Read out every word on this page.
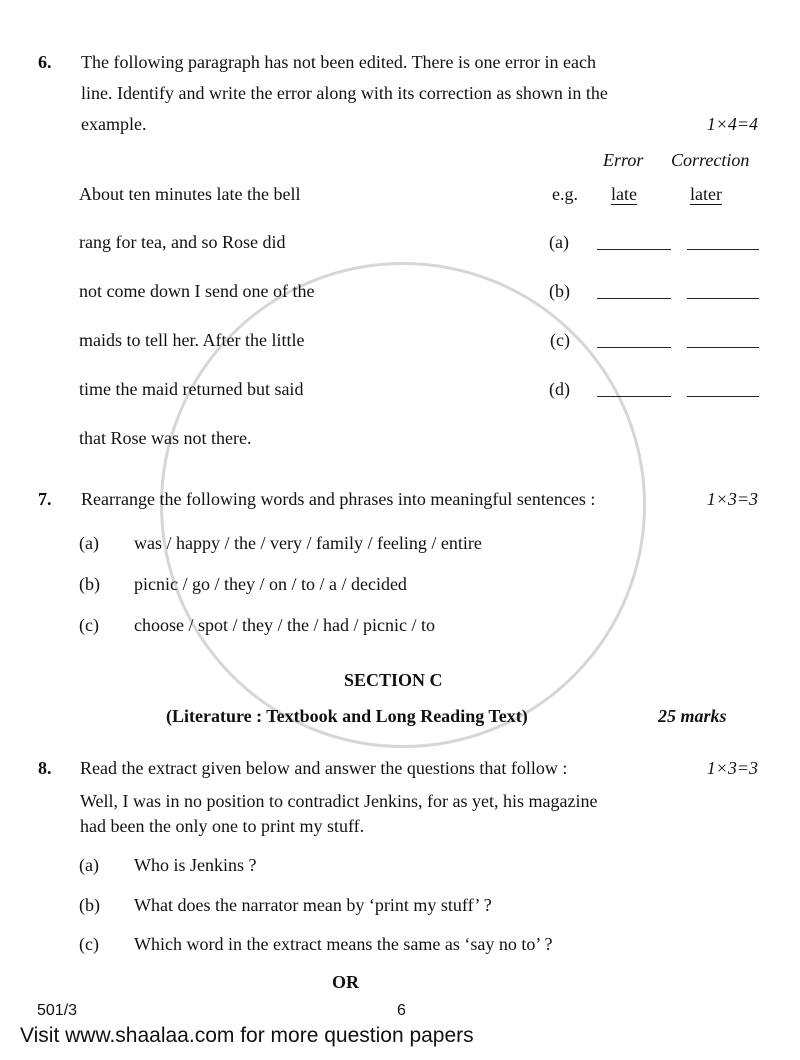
6. The following paragraph has not been edited. There is one error in each
line. Identify and write the error along with its correction as shown in the
example.	1×4=4
Error Correction
About ten minutes late the bell	e.g. late	later
rang for tea, and so Rose did	(a)
not come down I send one of the	(b)
maids to tell her. After the little	(c)
time the maid returned but said	(d)
that Rose was not there.
7. Rearrange the following words and phrases into meaningful sentences :	1×3=3
(a) was / happy / the / very / family / feeling / entire
(b) picnic / go / they / on / to / a / decided
(c) choose / spot / they / the / had / picnic / to
SECTION C
(Literature : Textbook and Long Reading Text)	25 marks
8. Read the extract given below and answer the questions that follow :	1×3=3
Well, I was in no position to contradict Jenkins, for as yet, his magazine
had been the only one to print my stuff.
(a) Who is Jenkins ?
(b) What does the narrator mean by ‘print my stuff’ ?
(c) Which word in the extract means the same as ‘say no to’ ?
OR
501/3	6
Visit www.shaalaa.com for more question papers
